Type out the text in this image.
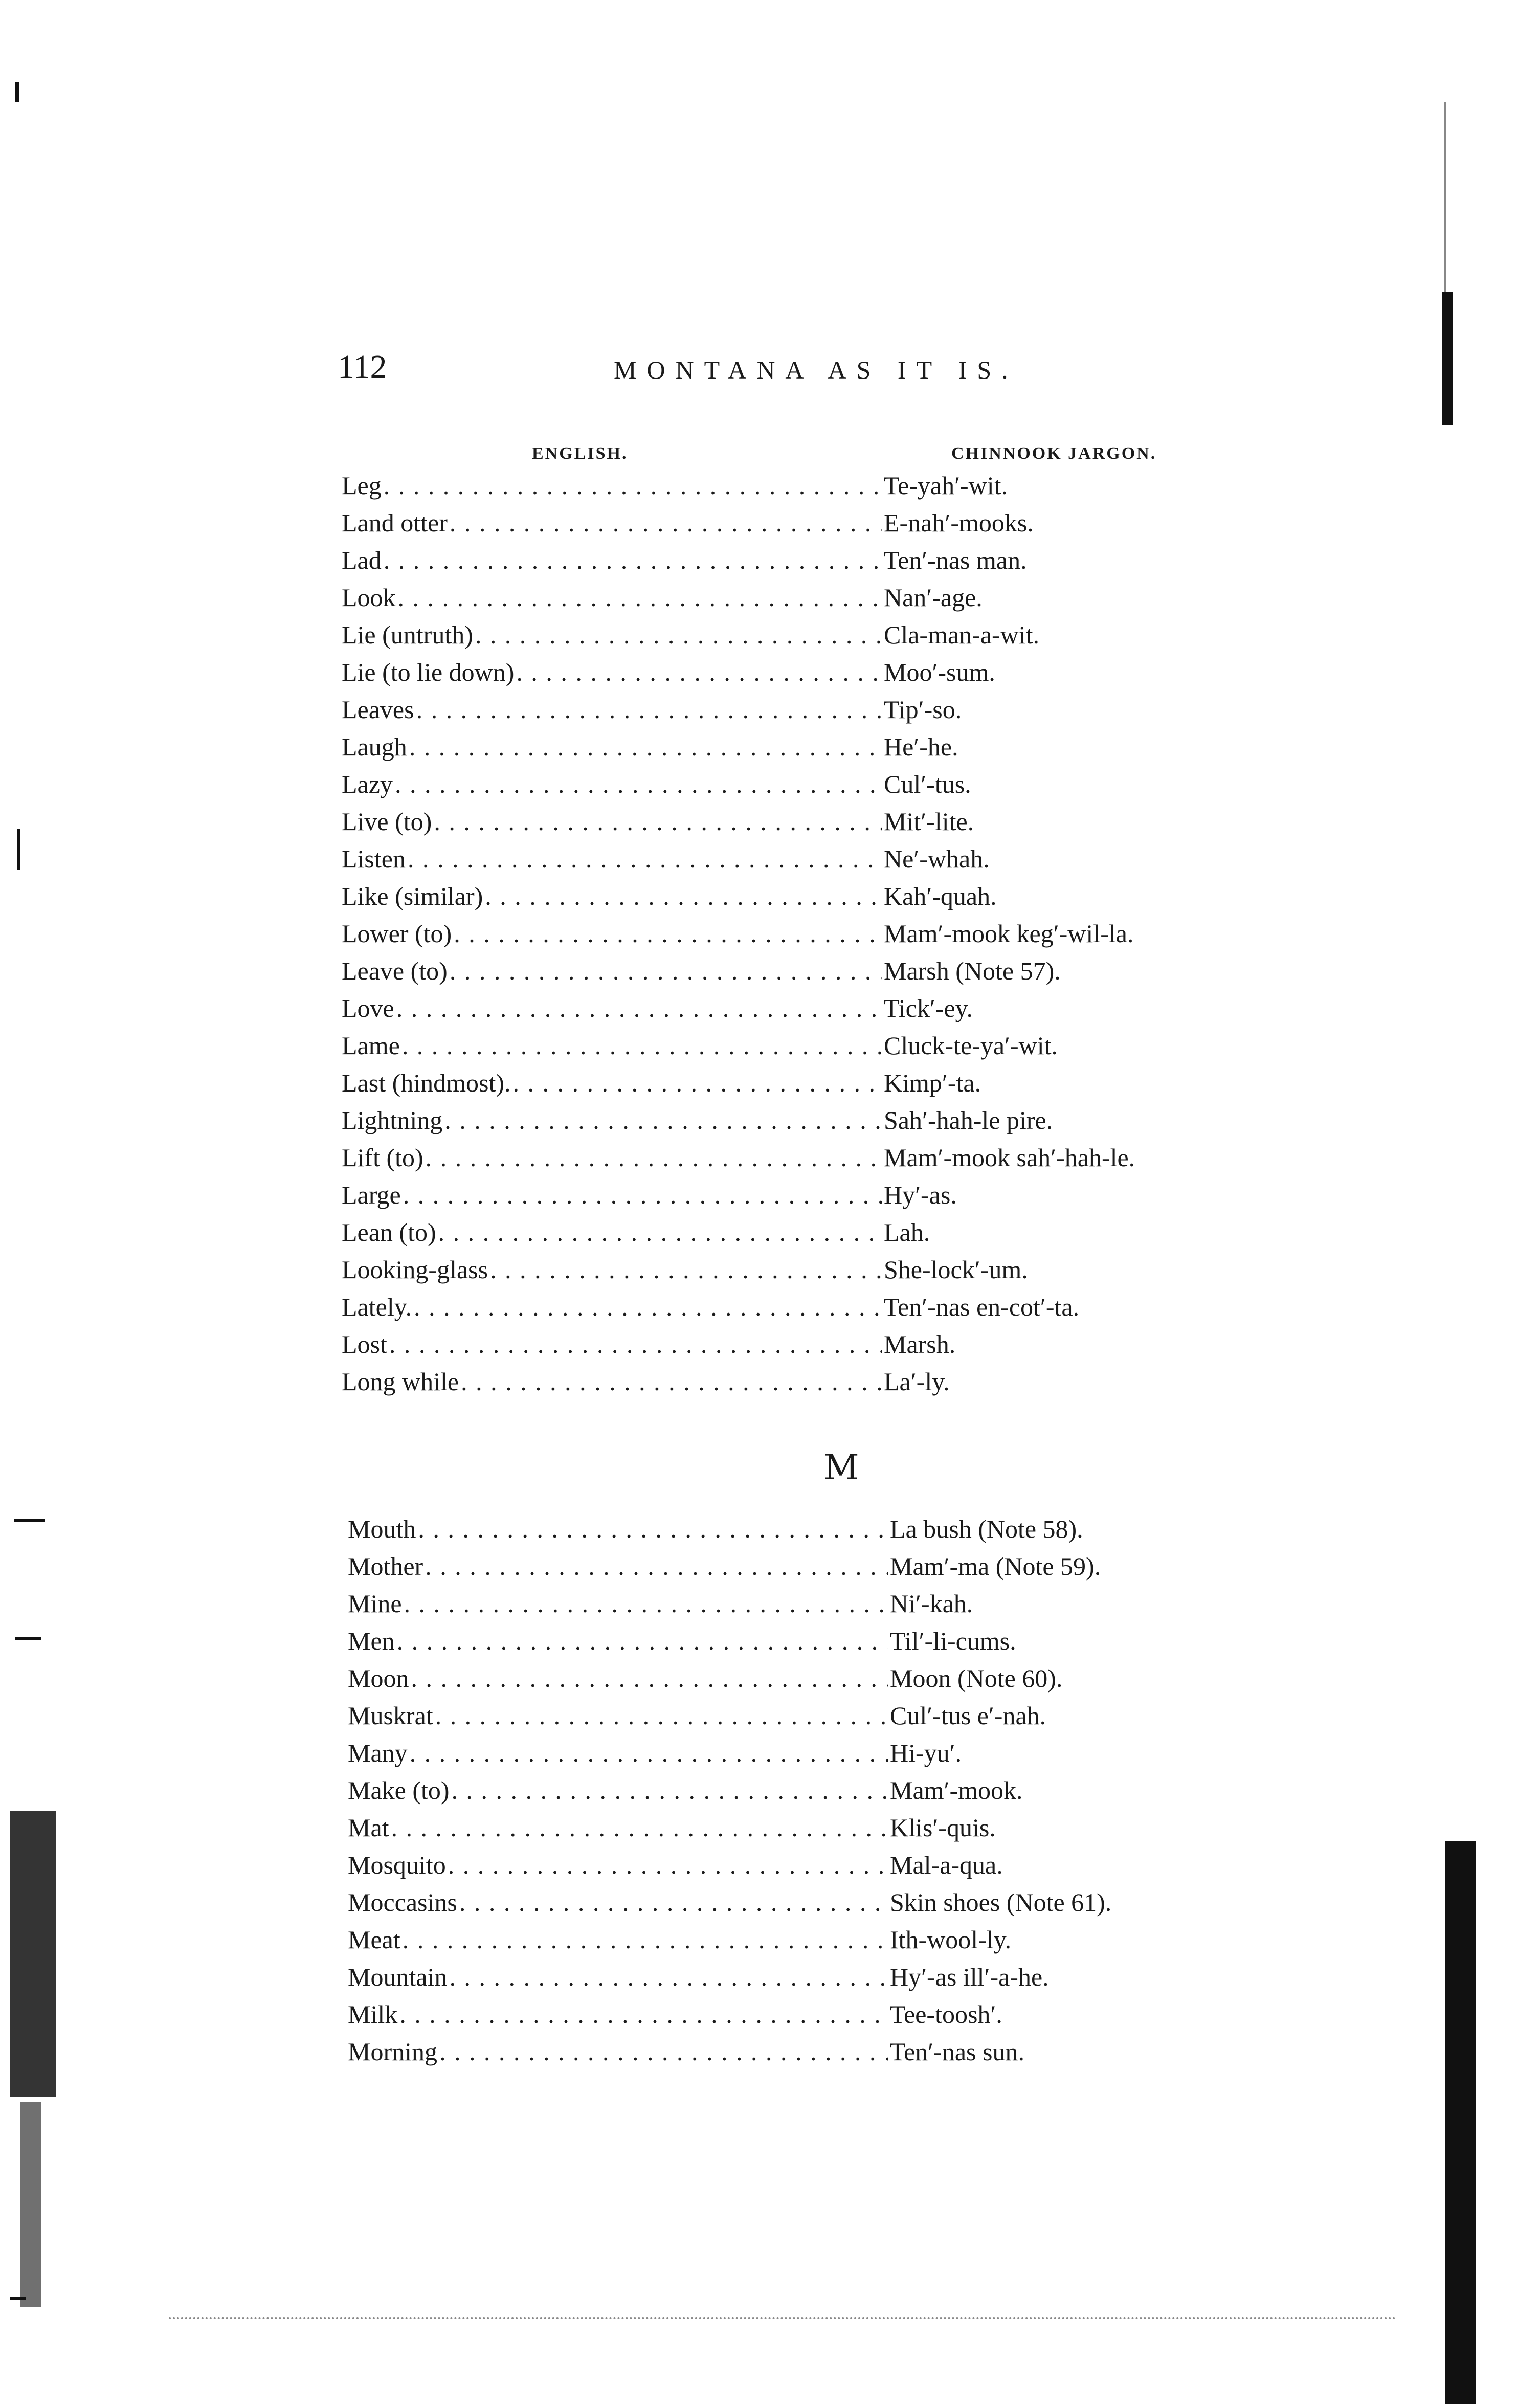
112	MONTANA AS IT IS.
ENGLISH.	CHINNOOK JARGON.
Leg . . .	Te-yah′-wit.
Land otter . . .	E-nah′-mooks.
Lad . . .	Ten′-nas man.
Look . . .	Nan′-age.
Lie (untruth) . . .	Cla-man-a-wit.
Lie (to lie down) . . .	Moo′-sum.
Leaves . . .	Tip′-so.
Laugh . . .	He′-he.
Lazy . . .	Cul′-tus.
Live (to) . . .	Mit′-lite.
Listen . . .	Ne′-whah.
Like (similar) . . .	Kah′-quah.
Lower (to) . . .	Mam′-mook keg′-wil-la.
Leave (to) . . .	Marsh (Note 57).
Love . . .	Tick′-ey.
Lame . . .	Cluck-te-ya′-wit.
Last (hindmost). . . .	Kimp′-ta.
Lightning . . .	Sah′-hah-le pire.
Lift (to) . . .	Mam′-mook sah′-hah-le.
Large . . .	Hy′-as.
Lean (to) . . .	Lah.
Looking-glass . . .	She-lock′-um.
Lately. . . .	Ten′-nas en-cot′-ta.
Lost . . .	Marsh.
Long while . . .	La′-ly.
M
Mouth . . .	La bush (Note 58).
Mother . . .	Mam′-ma (Note 59).
Mine . . .	Ni′-kah.
Men . . .	Til′-li-cums.
Moon . . .	Moon (Note 60).
Muskrat . . .	Cul′-tus e′-nah.
Many . . .	Hi-yu′.
Make (to) . . .	Mam′-mook.
Mat . . .	Klis′-quis.
Mosquito . . .	Mal-a-qua.
Moccasins . . .	Skin shoes (Note 61).
Meat . . .	Ith-wool-ly.
Mountain . . .	Hy′-as ill′-a-he.
Milk . . .	Tee-toosh′.
Morning . . .	Ten′-nas sun.
